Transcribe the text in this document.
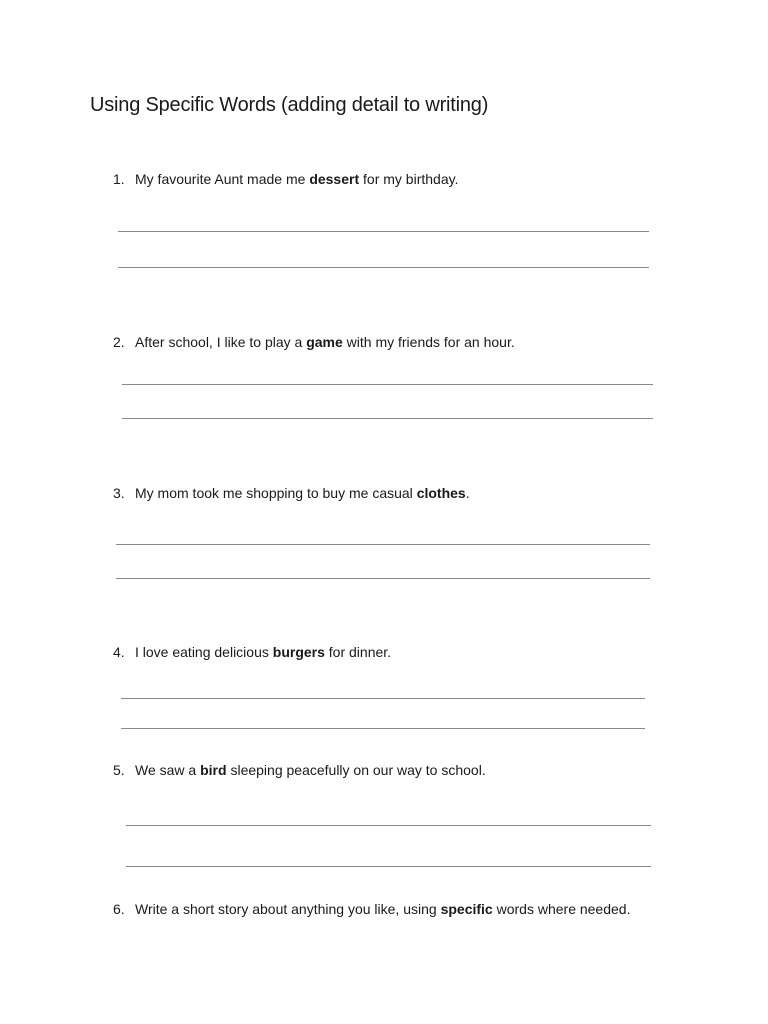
Using Specific Words (adding detail to writing)
1. My favourite Aunt made me dessert for my birthday.
2. After school, I like to play a game with my friends for an hour.
3. My mom took me shopping to buy me casual clothes.
4. I love eating delicious burgers for dinner.
5. We saw a bird sleeping peacefully on our way to school.
6. Write a short story about anything you like, using specific words where needed.
